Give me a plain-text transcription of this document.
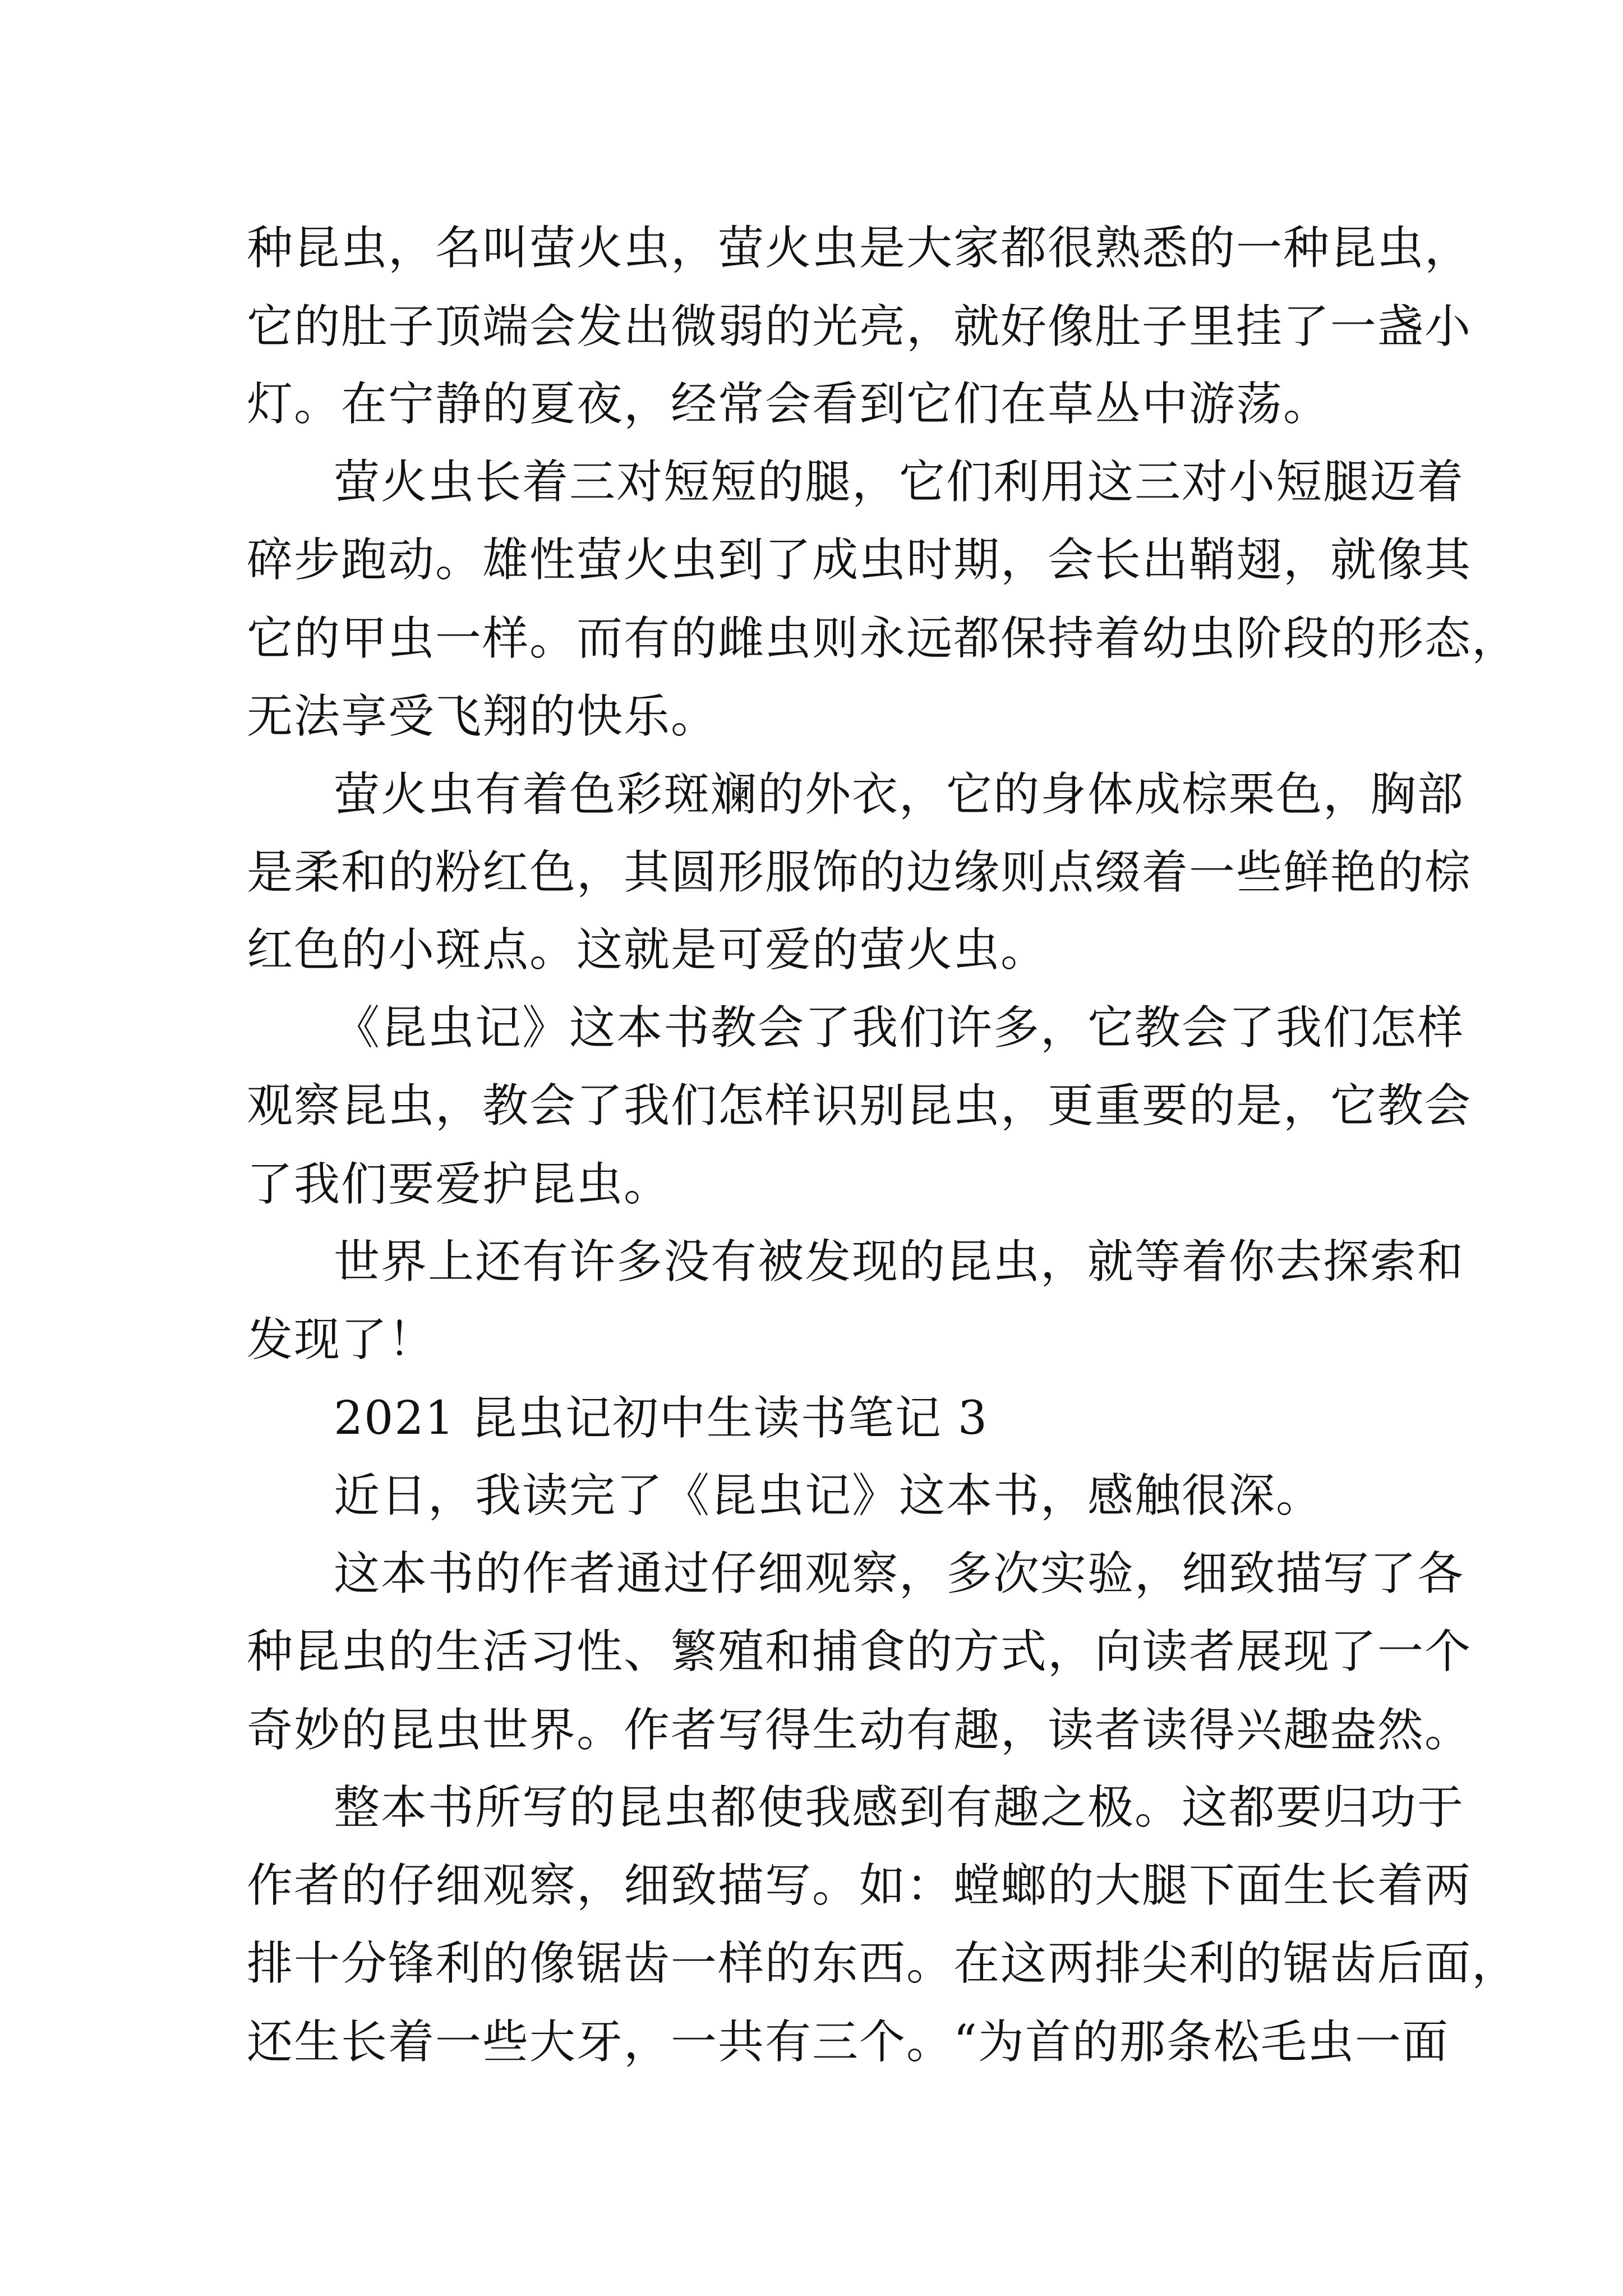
种昆虫，名叫萤火虫，萤火虫是大家都很熟悉的一种昆虫，
它的肚子顶端会发出微弱的光亮，就好像肚子里挂了一盏小
灯。在宁静的夏夜，经常会看到它们在草丛中游荡。
萤火虫长着三对短短的腿，它们利用这三对小短腿迈着
碎步跑动。雄性萤火虫到了成虫时期，会长出鞘翅，就像其
它的甲虫一样。而有的雌虫则永远都保持着幼虫阶段的形态，
无法享受飞翔的快乐。
萤火虫有着色彩斑斓的外衣，它的身体成棕栗色，胸部
是柔和的粉红色，其圆形服饰的边缘则点缀着一些鲜艳的棕
红色的小斑点。这就是可爱的萤火虫。
《昆虫记》这本书教会了我们许多，它教会了我们怎样
观察昆虫，教会了我们怎样识别昆虫，更重要的是，它教会
了我们要爱护昆虫。
世界上还有许多没有被发现的昆虫，就等着你去探索和
发现了！
2021 昆虫记初中生读书笔记 3
近日，我读完了《昆虫记》这本书，感触很深。
这本书的作者通过仔细观察，多次实验，细致描写了各
种昆虫的生活习性、繁殖和捕食的方式，向读者展现了一个
奇妙的昆虫世界。作者写得生动有趣，读者读得兴趣盎然。
整本书所写的昆虫都使我感到有趣之极。这都要归功于
作者的仔细观察，细致描写。如：螳螂的大腿下面生长着两
排十分锋利的像锯齿一样的东西。在这两排尖利的锯齿后面，
还生长着一些大牙，一共有三个。“为首的那条松毛虫一面
